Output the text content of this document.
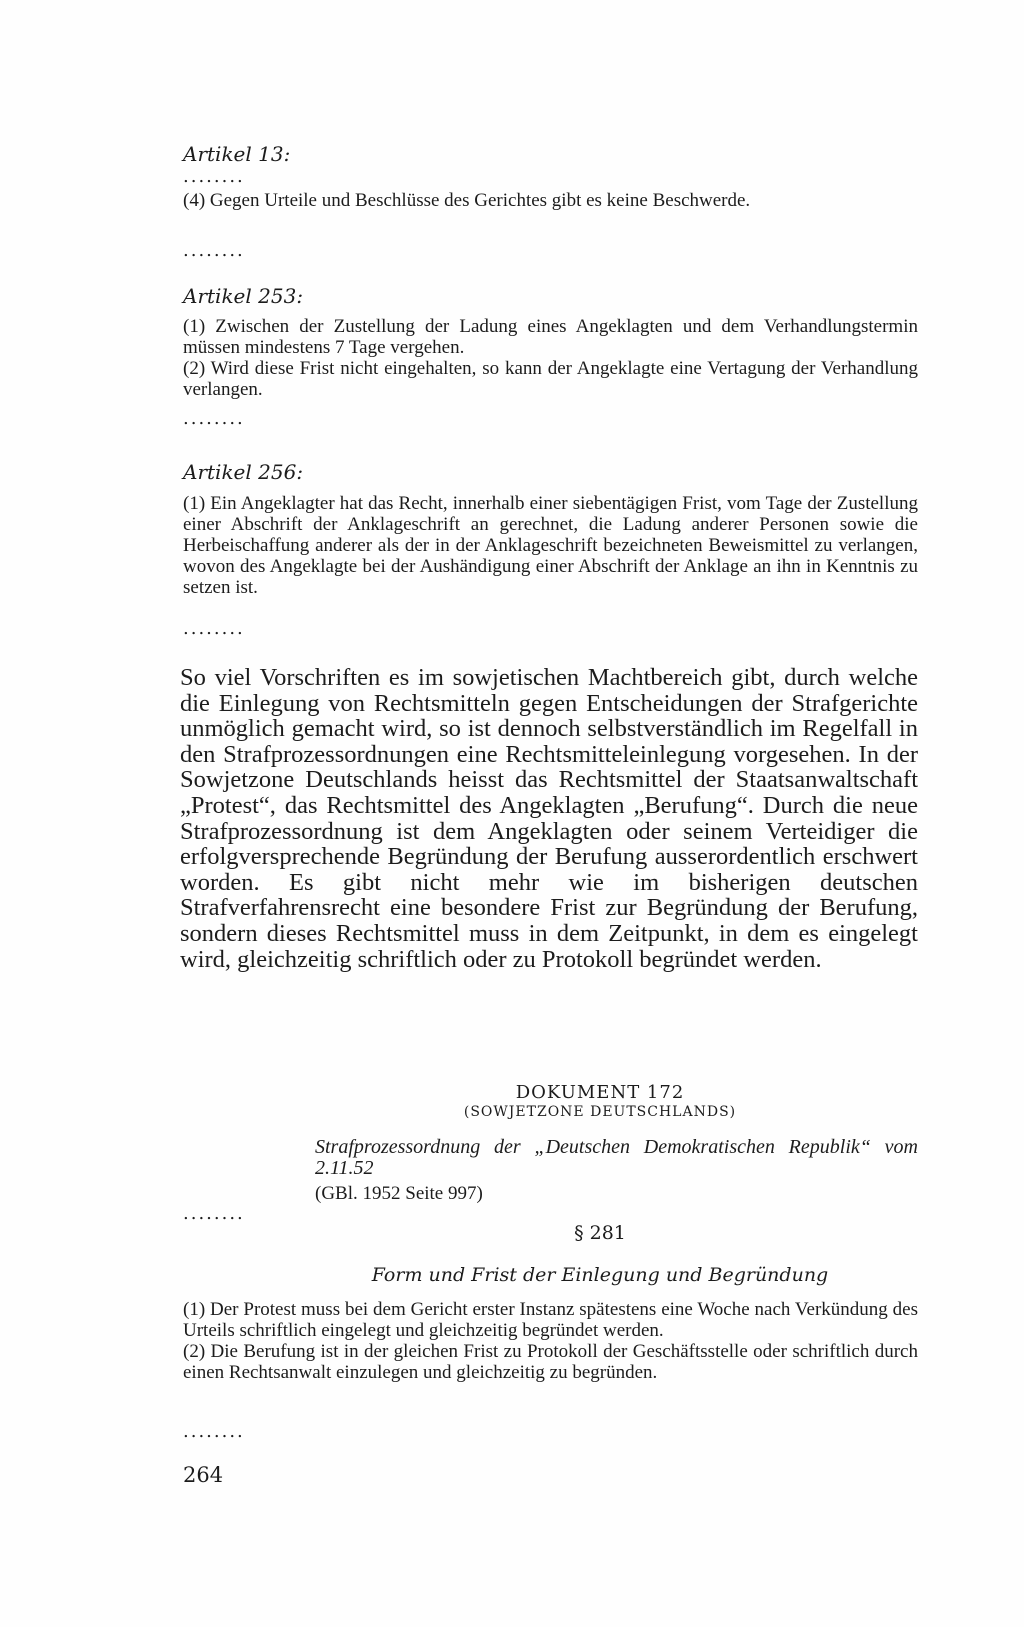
Artikel 13:
........

(4) Gegen Urteile und Beschlüsse des Gerichtes gibt es keine Beschwerde.

........
Artikel 253:

(1) Zwischen der Zustellung der Ladung eines Angeklagten und dem Verhandlungstermin müssen mindestens 7 Tage vergehen.

(2) Wird diese Frist nicht eingehalten, so kann der Angeklagte eine Vertagung der Verhandlung verlangen.

........
Artikel 256:

(1) Ein Angeklagter hat das Recht, innerhalb einer siebentägigen Frist, vom Tage der Zustellung einer Abschrift der Anklageschrift an gerechnet, die Ladung anderer Personen sowie die Herbeischaffung anderer als der in der Anklageschrift bezeichneten Beweismittel zu verlangen, wovon des Angeklagte bei der Aushändigung einer Abschrift der Anklage an ihn in Kenntnis zu setzen ist.

........

So viel Vorschriften es im sowjetischen Machtbereich gibt, durch welche die Einlegung von Rechtsmitteln gegen Entscheidungen der Strafgerichte unmöglich gemacht wird, so ist dennoch selbstverständlich im Regelfall in den Strafprozessordnungen eine Rechtsmitteleinlegung vorgesehen. In der Sowjetzone Deutschlands heisst das Rechtsmittel der Staatsanwaltschaft „Protest“, das Rechtsmittel des Angeklagten „Berufung“. Durch die neue Strafprozessordnung ist dem Angeklagten oder seinem Verteidiger die erfolgversprechende Begründung der Berufung ausserordentlich erschwert worden. Es gibt nicht mehr wie im bisherigen deutschen Strafverfahrensrecht eine besondere Frist zur Begründung der Berufung, sondern dieses Rechtsmittel muss in dem Zeitpunkt, in dem es eingelegt wird, gleichzeitig schriftlich oder zu Protokoll begründet werden.

DOKUMENT 172
(SOWJETZONE DEUTSCHLANDS)
Strafprozessordnung der „Deutschen Demokratischen Republik“ vom 2.11.52
(GBl. 1952 Seite 997)
........
§ 281
Form und Frist der Einlegung und Begründung

(1) Der Protest muss bei dem Gericht erster Instanz spätestens eine Woche nach Verkündung des Urteils schriftlich eingelegt und gleichzeitig begründet werden.

(2) Die Berufung ist in der gleichen Frist zu Protokoll der Geschäftsstelle oder schriftlich durch einen Rechtsanwalt einzulegen und gleichzeitig zu begründen.

........
264
